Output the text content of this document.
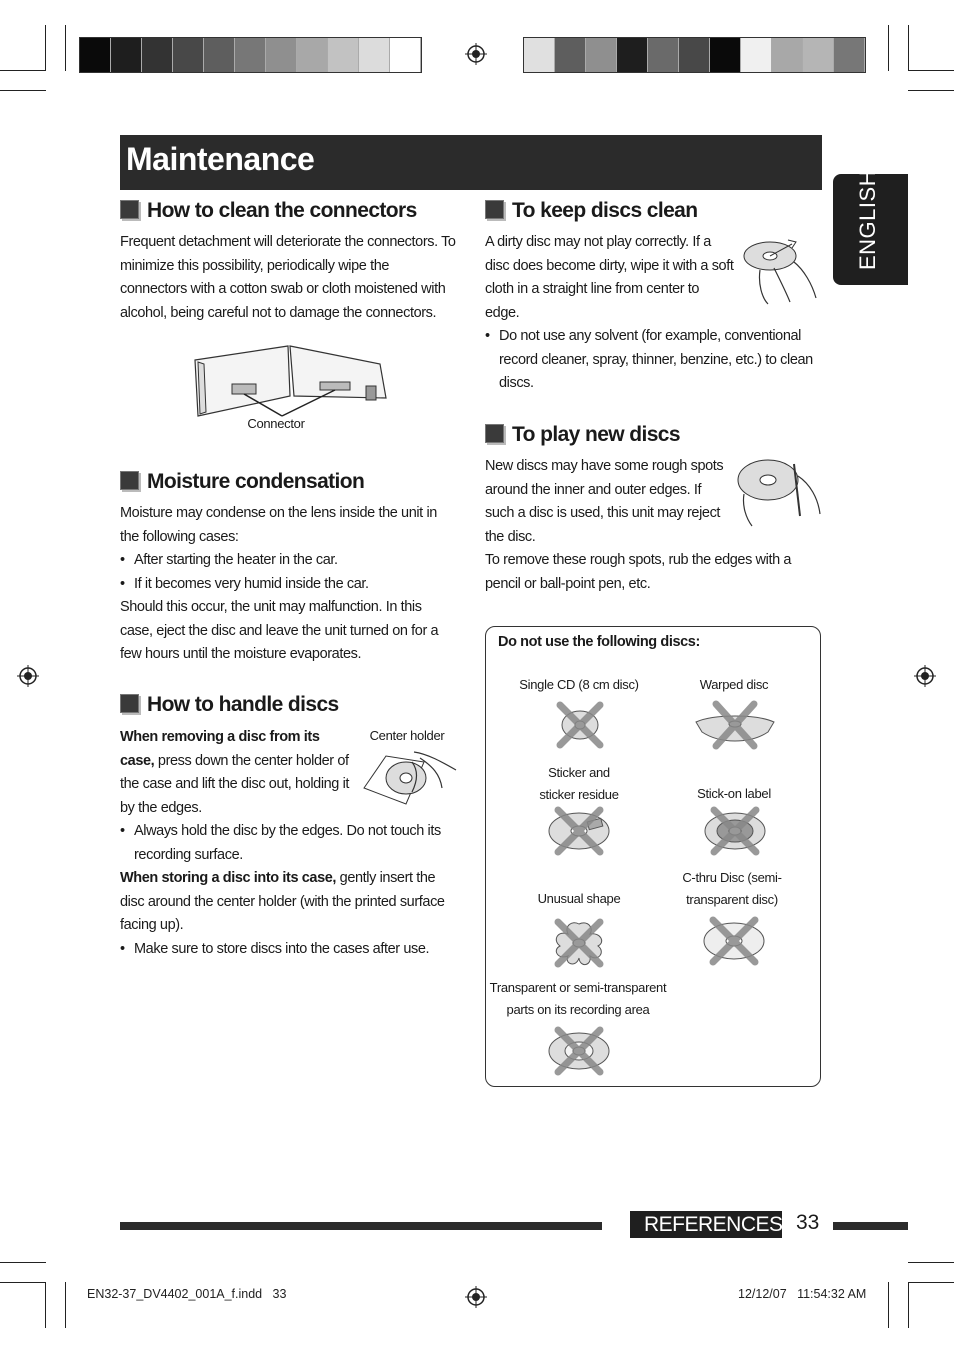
Maintenance
ENGLISH
How to clean the connectors

Frequent detachment will deteriorate the connectors. To minimize this possibility, periodically wipe the connectors with a cotton swab or cloth moistened with alcohol, being careful not to damage the connectors.

Connector
Moisture condensation

Moisture may condense on the lens inside the unit in the following cases:

• After starting the heater in the car.

• If it becomes very humid inside the car.

Should this occur, the unit may malfunction. In this case, eject the disc and leave the unit turned on for a few hours until the moisture evaporates.

How to handle discs

When removing a disc from its case, press down the center holder of the case and lift the disc out, holding it by the edges.

Center holder

• Always hold the disc by the edges. Do not touch its recording surface.

When storing a disc into its case, gently insert the disc around the center holder (with the printed surface facing up).

• Make sure to store discs into the cases after use.

To keep discs clean

A dirty disc may not play correctly. If a disc does become dirty, wipe it with a soft cloth in a straight line from center to edge.

• Do not use any solvent (for example, conventional record cleaner, spray, thinner, benzine, etc.) to clean discs.

To play new discs

New discs may have some rough spots around the inner and outer edges. If such a disc is used, this unit may reject the disc.

To remove these rough spots, rub the edges with a pencil or ball-point pen, etc.

Do not use the following discs:
Single CD (8 cm disc)	Warped disc
Sticker and sticker residue	Stick-on label
Unusual shape
C-thru Disc (semi-transparent disc)
Transparent or semi-transparent parts on its recording area
REFERENCES 33
EN32-37_DV4402_001A_f.indd   33	12/12/07   11:54:32 AM
